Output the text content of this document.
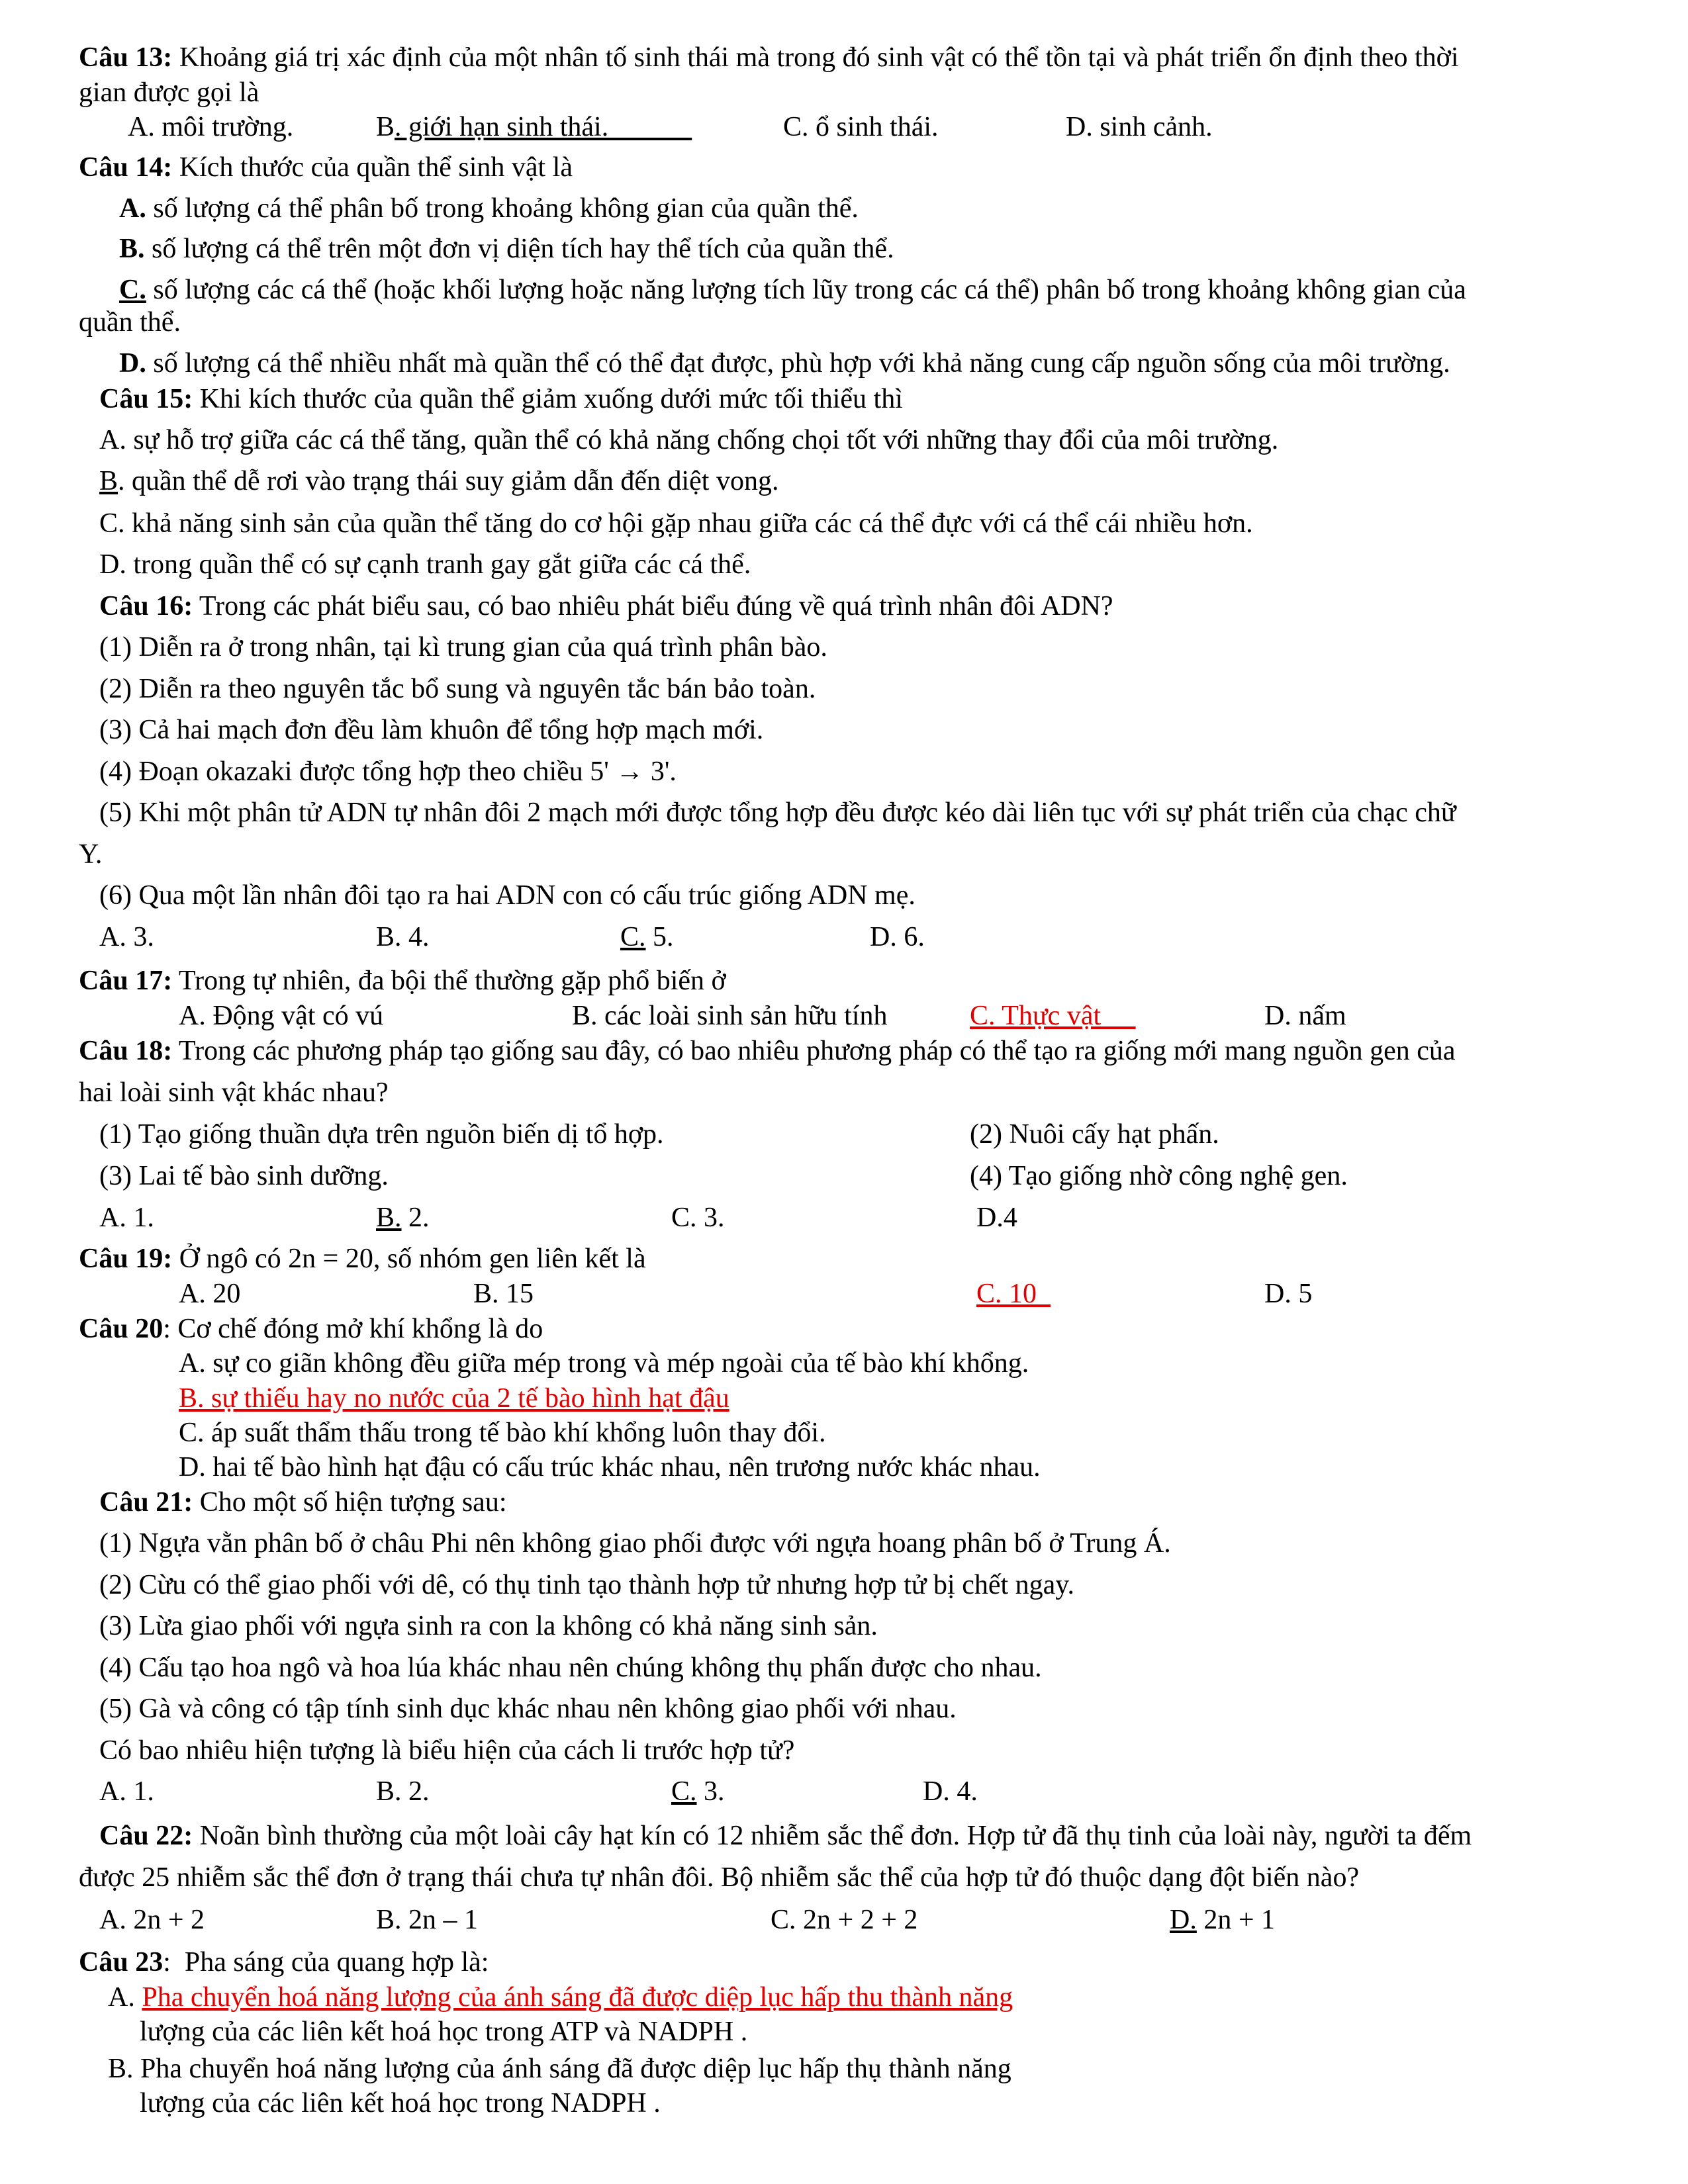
Câu 13: Khoảng giá trị xác định của một nhân tố sinh thái mà trong đó sinh vật có thể tồn tại và phát triển ổn định theo thời
gian được gọi là
A. môi trường.	B. giới hạn sinh thái.	C. ổ sinh thái.	D. sinh cảnh.
Câu 14: Kích thước của quần thể sinh vật là
A. số lượng cá thể phân bố trong khoảng không gian của quần thể.
B. số lượng cá thể trên một đơn vị diện tích hay thể tích của quần thể.
C. số lượng các cá thể (hoặc khối lượng hoặc năng lượng tích lũy trong các cá thể) phân bố trong khoảng không gian của
quần thể.
D. số lượng cá thể nhiều nhất mà quần thể có thể đạt được, phù hợp với khả năng cung cấp nguồn sống của môi trường.
Câu 15: Khi kích thước của quần thể giảm xuống dưới mức tối thiểu thì
A. sự hỗ trợ giữa các cá thể tăng, quần thể có khả năng chống chọi tốt với những thay đổi của môi trường.
B. quần thể dễ rơi vào trạng thái suy giảm dẫn đến diệt vong.
C. khả năng sinh sản của quần thể tăng do cơ hội gặp nhau giữa các cá thể đực với cá thể cái nhiều hơn.
D. trong quần thể có sự cạnh tranh gay gắt giữa các cá thể.
Câu 16: Trong các phát biểu sau, có bao nhiêu phát biểu đúng về quá trình nhân đôi ADN?
(1) Diễn ra ở trong nhân, tại kì trung gian của quá trình phân bào.
(2) Diễn ra theo nguyên tắc bổ sung và nguyên tắc bán bảo toàn.
(3) Cả hai mạch đơn đều làm khuôn để tổng hợp mạch mới.
(4) Đoạn okazaki được tổng hợp theo chiều 5' → 3'.
(5) Khi một phân tử ADN tự nhân đôi 2 mạch mới được tổng hợp đều được kéo dài liên tục với sự phát triển của chạc chữ
Y.
(6) Qua một lần nhân đôi tạo ra hai ADN con có cấu trúc giống ADN mẹ.
A. 3.	B. 4.	C. 5.	D. 6.
Câu 17: Trong tự nhiên, đa bội thể thường gặp phổ biến ở
A. Động vật có vú	B. các loài sinh sản hữu tính	C. Thực vật	D. nấm
Câu 18: Trong các phương pháp tạo giống sau đây, có bao nhiêu phương pháp có thể tạo ra giống mới mang nguồn gen của
hai loài sinh vật khác nhau?
(1) Tạo giống thuần dựa trên nguồn biến dị tổ hợp.	(2) Nuôi cấy hạt phấn.
(3) Lai tế bào sinh dưỡng.	(4) Tạo giống nhờ công nghệ gen.
A. 1.	B. 2.	C. 3.	D.4
Câu 19: Ở ngô có 2n = 20, số nhóm gen liên kết là
A. 20	B. 15	C. 10	D. 5
Câu 20: Cơ chế đóng mở khí khổng là do
A. sự co giãn không đều giữa mép trong và mép ngoài của tế bào khí khổng.
B. sự thiếu hay no nước của 2 tế bào hình hạt đậu
C. áp suất thẩm thấu trong tế bào khí khổng luôn thay đổi.
D. hai tế bào hình hạt đậu có cấu trúc khác nhau, nên trương nước khác nhau.
Câu 21: Cho một số hiện tượng sau:
(1) Ngựa vằn phân bố ở châu Phi nên không giao phối được với ngựa hoang phân bố ở Trung Á.
(2) Cừu có thể giao phối với dê, có thụ tinh tạo thành hợp tử nhưng hợp tử bị chết ngay.
(3) Lừa giao phối với ngựa sinh ra con la không có khả năng sinh sản.
(4) Cấu tạo hoa ngô và hoa lúa khác nhau nên chúng không thụ phấn được cho nhau.
(5) Gà và công có tập tính sinh dục khác nhau nên không giao phối với nhau.
Có bao nhiêu hiện tượng là biểu hiện của cách li trước hợp tử?
A. 1.	B. 2.	C. 3.	D. 4.
Câu 22: Noãn bình thường của một loài cây hạt kín có 12 nhiễm sắc thể đơn. Hợp tử đã thụ tinh của loài này, người ta đếm
được 25 nhiễm sắc thể đơn ở trạng thái chưa tự nhân đôi. Bộ nhiễm sắc thể của hợp tử đó thuộc dạng đột biến nào?
A. 2n + 2	B. 2n – 1	C. 2n + 2 + 2	D. 2n + 1
Câu 23:  Pha sáng của quang hợp là:
A. Pha chuyển hoá năng lượng của ánh sáng đã được diệp lục hấp thu thành năng
lượng của các liên kết hoá học trong ATP và NADPH .
B. Pha chuyển hoá năng lượng của ánh sáng đã được diệp lục hấp thụ thành năng
lượng của các liên kết hoá học trong NADPH .
